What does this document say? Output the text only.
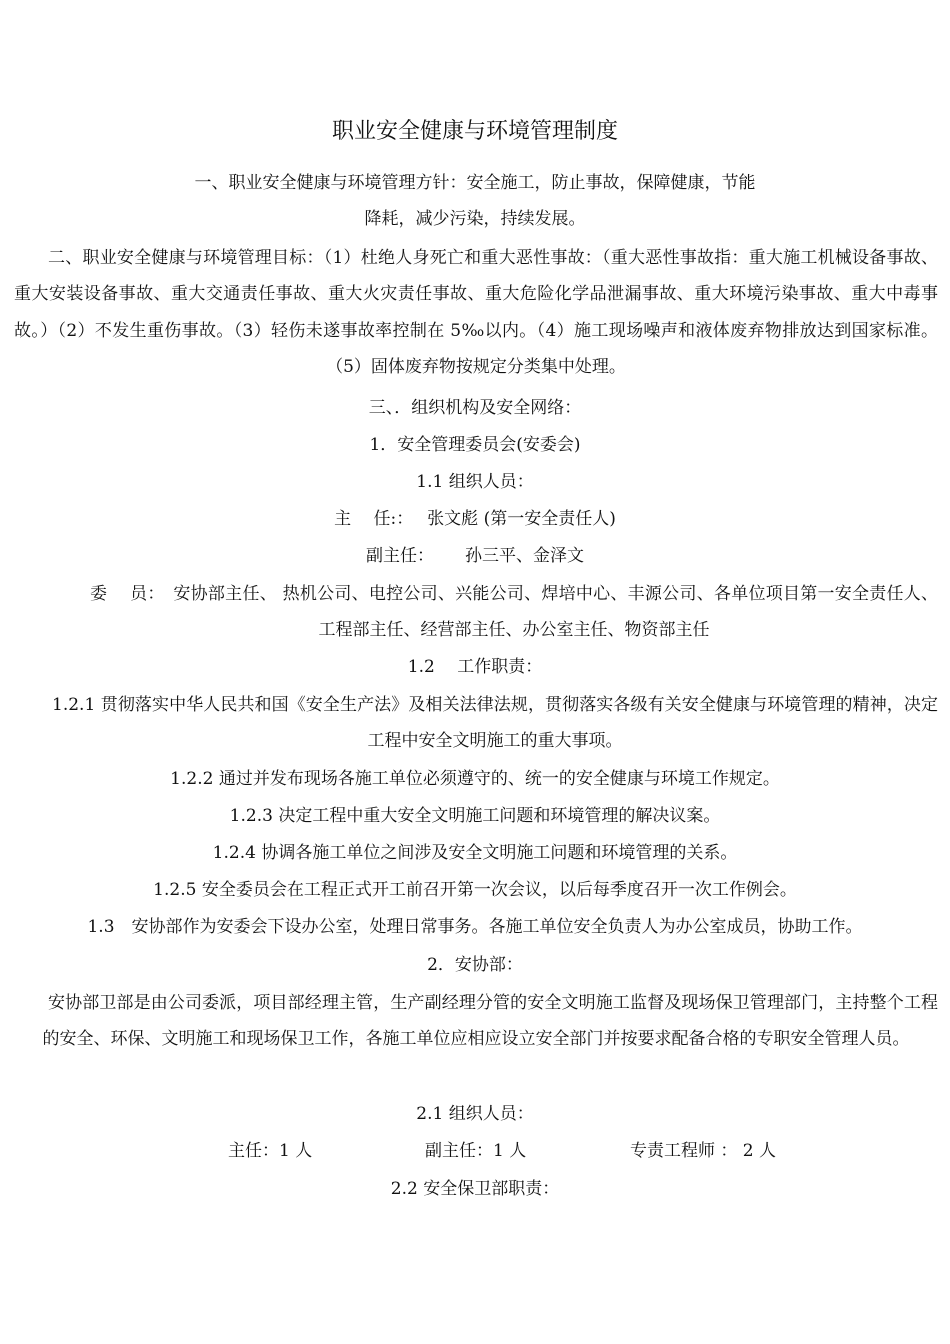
职业安全健康与环境管理制度
一、职业安全健康与环境管理方针：安全施工，防止事故，保障健康，节能
降耗，减少污染，持续发展。
二、职业安全健康与环境管理目标：（1）杜绝人身死亡和重大恶性事故：（重大恶性事故指：重大施工机械设备事故、重大安装设备事故、重大交通责任事故、重大火灾责任事故、重大危险化学品泄漏事故、重大环境污染事故、重大中毒事故。）（2）不发生重伤事故。（3）轻伤未遂事故率控制在 5‰以内。（4）施工现场噪声和液体废弃物排放达到国家标准。（5）固体废弃物按规定分类集中处理。
三、．组织机构及安全网络：
1．安全管理委员会(安委会)
1.1 组织人员：
主　 任:：　 张文彪 (第一安全责任人)
副主任：　　 孙三平、金泽文
委　 员：　安协部主任、 热机公司、电控公司、兴能公司、焊培中心、丰源公司、各单位项目第一安全责任人、工程部主任、经营部主任、办公室主任、物资部主任
1.2　 工作职责：
1.2.1 贯彻落实中华人民共和国《安全生产法》及相关法律法规，贯彻落实各级有关安全健康与环境管理的精神，决定工程中安全文明施工的重大事项。
1.2.2 通过并发布现场各施工单位必须遵守的、统一的安全健康与环境工作规定。
1.2.3 决定工程中重大安全文明施工问题和环境管理的解决议案。
1.2.4 协调各施工单位之间涉及安全文明施工问题和环境管理的关系。
1.2.5 安全委员会在工程正式开工前召开第一次会议，以后每季度召开一次工作例会。
1.3　安协部作为安委会下设办公室，处理日常事务。各施工单位安全负责人为办公室成员，协助工作。
2．安协部：
安协部卫部是由公司委派，项目部经理主管，生产副经理分管的安全文明施工监督及现场保卫管理部门，主持整个工程的安全、环保、文明施工和现场保卫工作，各施工单位应相应设立安全部门并按要求配备合格的专职安全管理人员。
2.1 组织人员：
主任：1 人	副主任：1 人	专责工程师 ： 2 人
2.2 安全保卫部职责：
